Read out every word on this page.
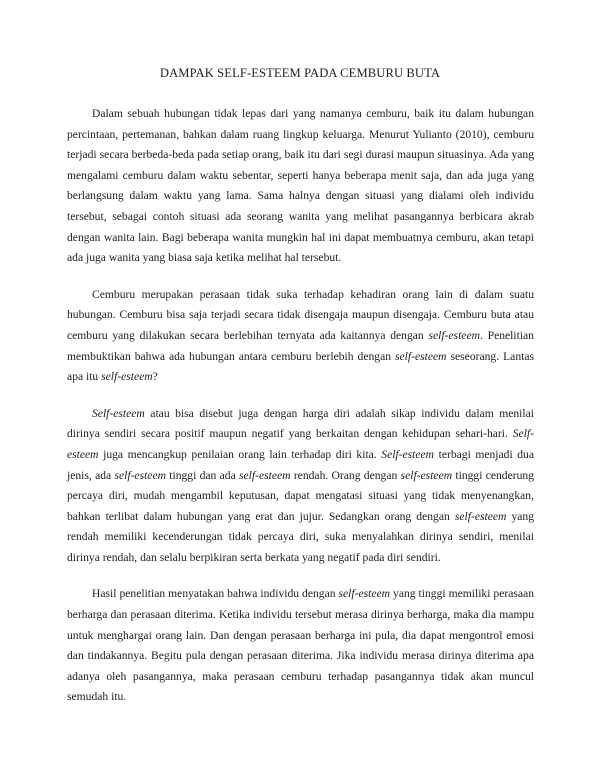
DAMPAK SELF-ESTEEM PADA CEMBURU BUTA

Dalam sebuah hubungan tidak lepas dari yang namanya cemburu, baik itu dalam hubungan percintaan, pertemanan, bahkan dalam ruang lingkup keluarga. Menurut Yulianto (2010), cemburu terjadi secara berbeda-beda pada setiap orang, baik itu dari segi durasi maupun situasinya. Ada yang mengalami cemburu dalam waktu sebentar, seperti hanya beberapa menit saja, dan ada juga yang berlangsung dalam waktu yang lama. Sama halnya dengan situasi yang dialami oleh individu tersebut, sebagai contoh situasi ada seorang wanita yang melihat pasangannya berbicara akrab dengan wanita lain. Bagi beberapa wanita mungkin hal ini dapat membuatnya cemburu, akan tetapi ada juga wanita yang biasa saja ketika melihat hal tersebut.

Cemburu merupakan perasaan tidak suka terhadap kehadiran orang lain di dalam suatu hubungan. Cemburu bisa saja terjadi secara tidak disengaja maupun disengaja. Cemburu buta atau cemburu yang dilakukan secara berlebihan ternyata ada kaitannya dengan self-esteem. Penelitian membuktikan bahwa ada hubungan antara cemburu berlebih dengan self-esteem seseorang. Lantas apa itu self-esteem?

Self-esteem atau bisa disebut juga dengan harga diri adalah sikap individu dalam menilai dirinya sendiri secara positif maupun negatif yang berkaitan dengan kehidupan sehari-hari. Self-esteem juga mencangkup penilaian orang lain terhadap diri kita. Self-esteem terbagi menjadi dua jenis, ada self-esteem tinggi dan ada self-esteem rendah. Orang dengan self-esteem tinggi cenderung percaya diri, mudah mengambil keputusan, dapat mengatasi situasi yang tidak menyenangkan, bahkan terlibat dalam hubungan yang erat dan jujur. Sedangkan orang dengan self-esteem yang rendah memiliki kecenderungan tidak percaya diri, suka menyalahkan dirinya sendiri, menilai dirinya rendah, dan selalu berpikiran serta berkata yang negatif pada diri sendiri.

Hasil penelitian menyatakan bahwa individu dengan self-esteem yang tinggi memiliki perasaan berharga dan perasaan diterima. Ketika individu tersebut merasa dirinya berharga, maka dia mampu untuk menghargai orang lain. Dan dengan perasaan berharga ini pula, dia dapat mengontrol emosi dan tindakannya. Begitu pula dengan perasaan diterima. Jika individu merasa dirinya diterima apa adanya oleh pasangannya, maka perasaan cemburu terhadap pasangannya tidak akan muncul semudah itu.
